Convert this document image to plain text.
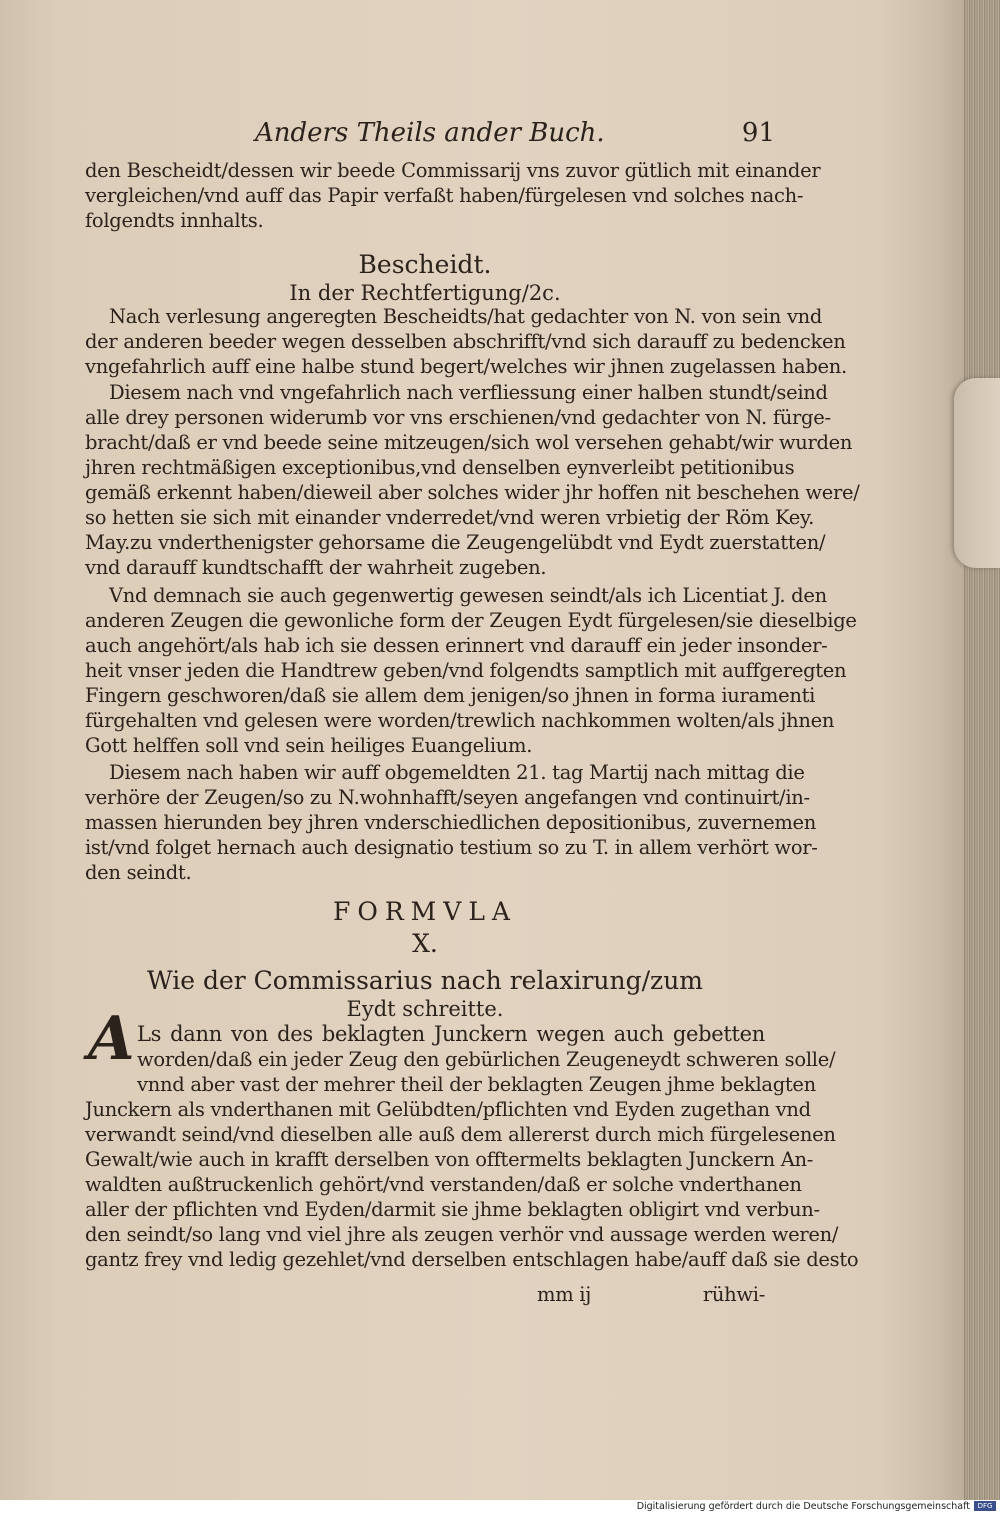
Anders Theils ander Buch.	91
den Bescheidt/dessen wir beede Commissarij vns zuvor gütlich mit einander
vergleichen/vnd auff das Papir verfaßt haben/fürgelesen vnd solches nach-
folgendts innhalts.
Bescheidt.
In der Rechtfertigung/2c.
Nach verlesung angeregten Bescheidts/hat gedachter von N. von sein vnd
der anderen beeder wegen desselben abschrifft/vnd sich darauff zu bedencken
vngefahrlich auff eine halbe stund begert/welches wir jhnen zugelassen haben.
Diesem nach vnd vngefahrlich nach verfliessung einer halben stundt/seind
alle drey personen widerumb vor vns erschienen/vnd gedachter von N. fürge-
bracht/daß er vnd beede seine mitzeugen/sich wol versehen gehabt/wir wurden
jhren rechtmäßigen exceptionibus,vnd denselben eynverleibt petitionibus
gemäß erkennt haben/dieweil aber solches wider jhr hoffen nit beschehen were/
so hetten sie sich mit einander vnderredet/vnd weren vrbietig der Röm Key.
May.zu vnderthenigster gehorsame die Zeugengelübdt vnd Eydt zuerstatten/
vnd darauff kundtschafft der wahrheit zugeben.
Vnd demnach sie auch gegenwertig gewesen seindt/als ich Licentiat J. den
anderen Zeugen die gewonliche form der Zeugen Eydt fürgelesen/sie dieselbige
auch angehört/als hab ich sie dessen erinnert vnd darauff ein jeder insonder-
heit vnser jeden die Handtrew geben/vnd folgendts samptlich mit auffgeregten
Fingern geschworen/daß sie allem dem jenigen/so jhnen in forma iuramenti
fürgehalten vnd gelesen were worden/trewlich nachkommen wolten/als jhnen
Gott helffen soll vnd sein heiliges Euangelium.
Diesem nach haben wir auff obgemeldten 21. tag Martij nach mittag die
verhöre der Zeugen/so zu N.wohnhafft/seyen angefangen vnd continuirt/in-
massen hierunden bey jhren vnderschiedlichen depositionibus, zuvernemen
ist/vnd folget hernach auch designatio testium so zu T. in allem verhört wor-
den seindt.
FORMVLA
X.
Wie der Commissarius nach relaxirung/zum
Eydt schreitte.
A Ls dann von des beklagten Junckern wegen auch gebetten
worden/daß ein jeder Zeug den gebürlichen Zeugeneydt schweren solle/
vnnd aber vast der mehrer theil der beklagten Zeugen jhme beklagten
Junckern als vnderthanen mit Gelübdten/pflichten vnd Eyden zugethan vnd
verwandt seind/vnd dieselben alle auß dem allererst durch mich fürgelesenen
Gewalt/wie auch in krafft derselben von offtermelts beklagten Junckern An-
waldten außtruckenlich gehört/vnd verstanden/daß er solche vnderthanen
aller der pflichten vnd Eyden/darmit sie jhme beklagten obligirt vnd verbun-
den seindt/so lang vnd viel jhre als zeugen verhör vnd aussage werden weren/
gantz frey vnd ledig gezehlet/vnd derselben entschlagen habe/auff daß sie desto
mm ij	rühwi-
Digitalisierung gefördert durch die Deutsche Forschungsgemeinschaft	DFG
